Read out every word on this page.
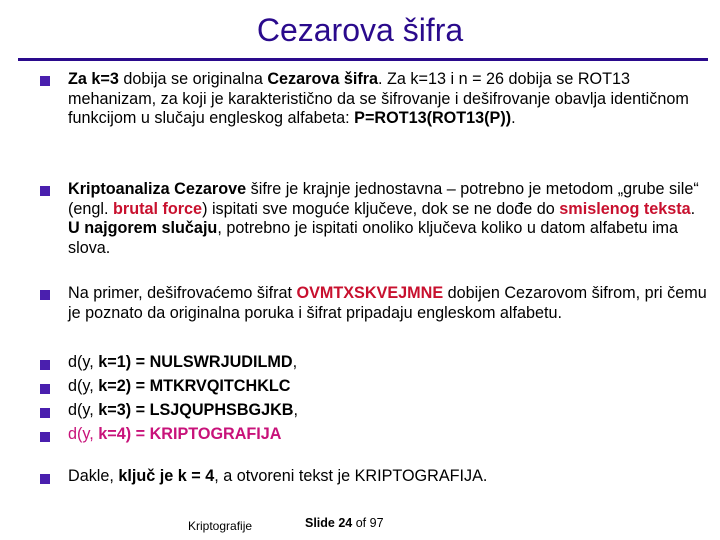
Cezarova šifra

Za k=3 dobija se originalna Cezarova šifra. Za k=13 i n = 26 dobija se ROT13 mehanizam, za koji je karakteristično da se šifrovanje i dešifrovanje obavlja identičnom funkcijom u slučaju engleskog alfabeta: P=ROT13(ROT13(P)).

Kriptoanaliza Cezarove šifre je krajnje jednostavna – potrebno je metodom „grube sile“ (engl. brutal force) ispitati sve moguće ključeve, dok se ne dođe do smislenog teksta. U najgorem slučaju, potrebno je ispitati onoliko ključeva koliko u datom alfabetu ima slova.

Na primer, dešifrovaćemo šifrat OVMTXSKVEJMNE dobijen Cezarovom šifrom, pri čemu je poznato da originalna poruka i šifrat pripadaju engleskom alfabetu.

d(y, k=1) = NULSWRJUDILMD,

d(y, k=2) = MTKRVQITCHKLC

d(y, k=3) = LSJQUPHSBGJKB,

d(y, k=4) = KRIPTOGRAFIJA

Dakle, ključ je k = 4, a otvoreni tekst je KRIPTOGRAFIJA.

Kriptografije	Slide 24 of 97
